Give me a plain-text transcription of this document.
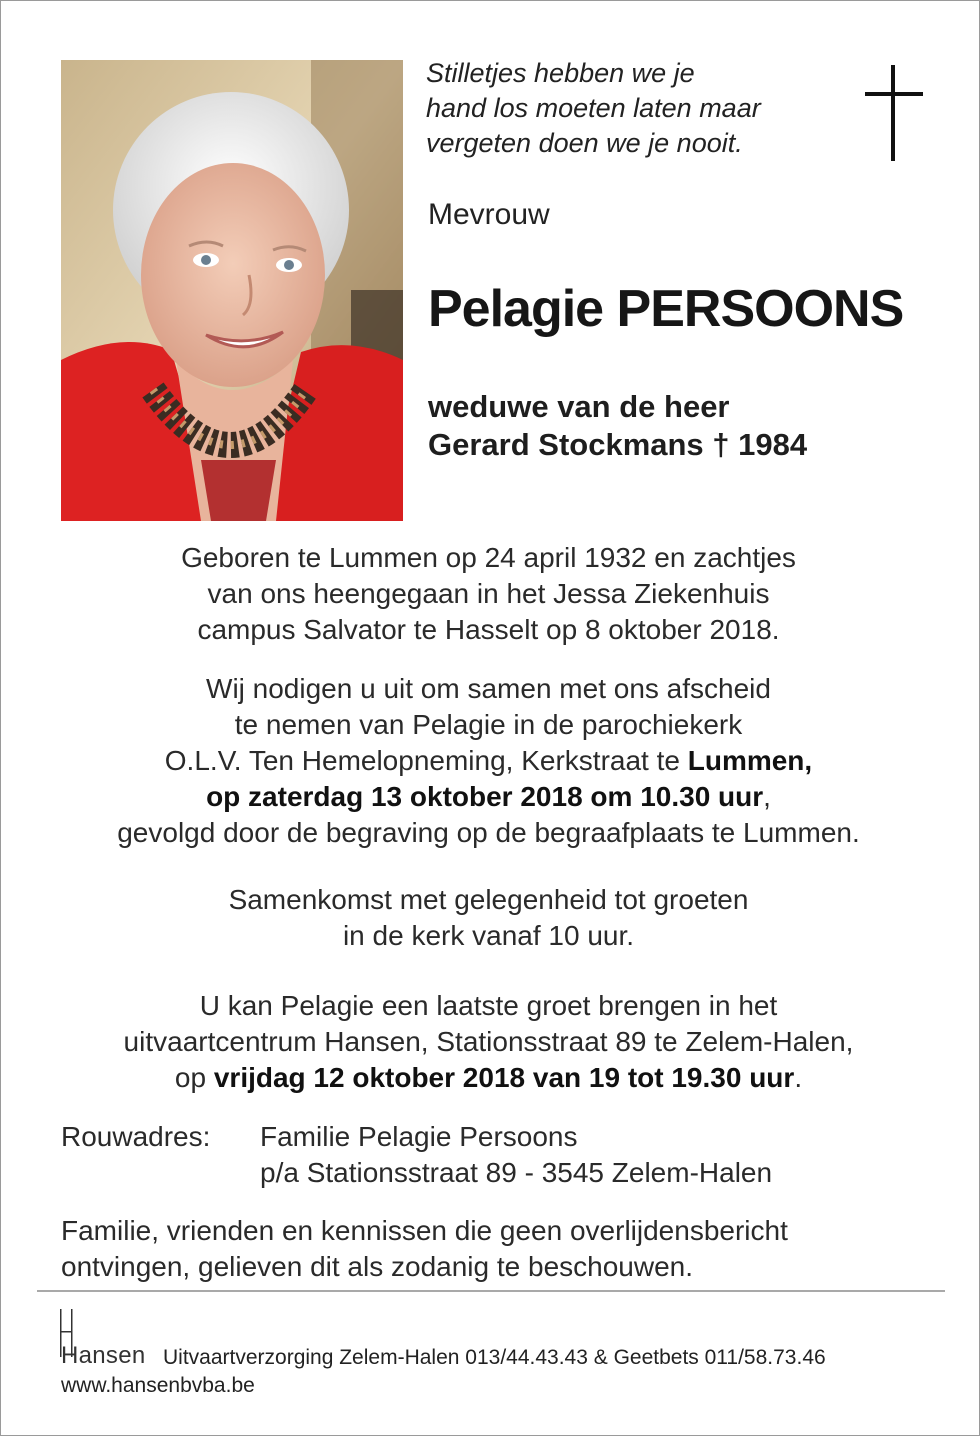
Stilletjes hebben we je
hand los moeten laten maar
vergeten doen we je nooit.
Mevrouw
Pelagie PERSOONS
weduwe van de heer
Gerard Stockmans † 1984
Geboren te Lummen op 24 april 1932 en zachtjes
van ons heengegaan in het Jessa Ziekenhuis
campus Salvator te Hasselt op 8 oktober 2018.
Wij nodigen u uit om samen met ons afscheid
te nemen van Pelagie in de parochiekerk
O.L.V. Ten Hemelopneming, Kerkstraat te Lummen,
op zaterdag 13 oktober 2018 om 10.30 uur,
gevolgd door de begraving op de begraafplaats te Lummen.
Samenkomst met gelegenheid tot groeten
in de kerk vanaf 10 uur.
U kan Pelagie een laatste groet brengen in het
uitvaartcentrum Hansen, Stationsstraat 89 te Zelem-Halen,
op vrijdag 12 oktober 2018 van 19 tot 19.30 uur.
Rouwadres: Familie Pelagie Persoons
p/a Stationsstraat 89 - 3545 Zelem-Halen
Familie, vrienden en kennissen die geen overlijdensbericht
ontvingen, gelieven dit als zodanig te beschouwen.
Hansen Uitvaartverzorging Zelem-Halen 013/44.43.43 & Geetbets 011/58.73.46
www.hansenbvba.be
